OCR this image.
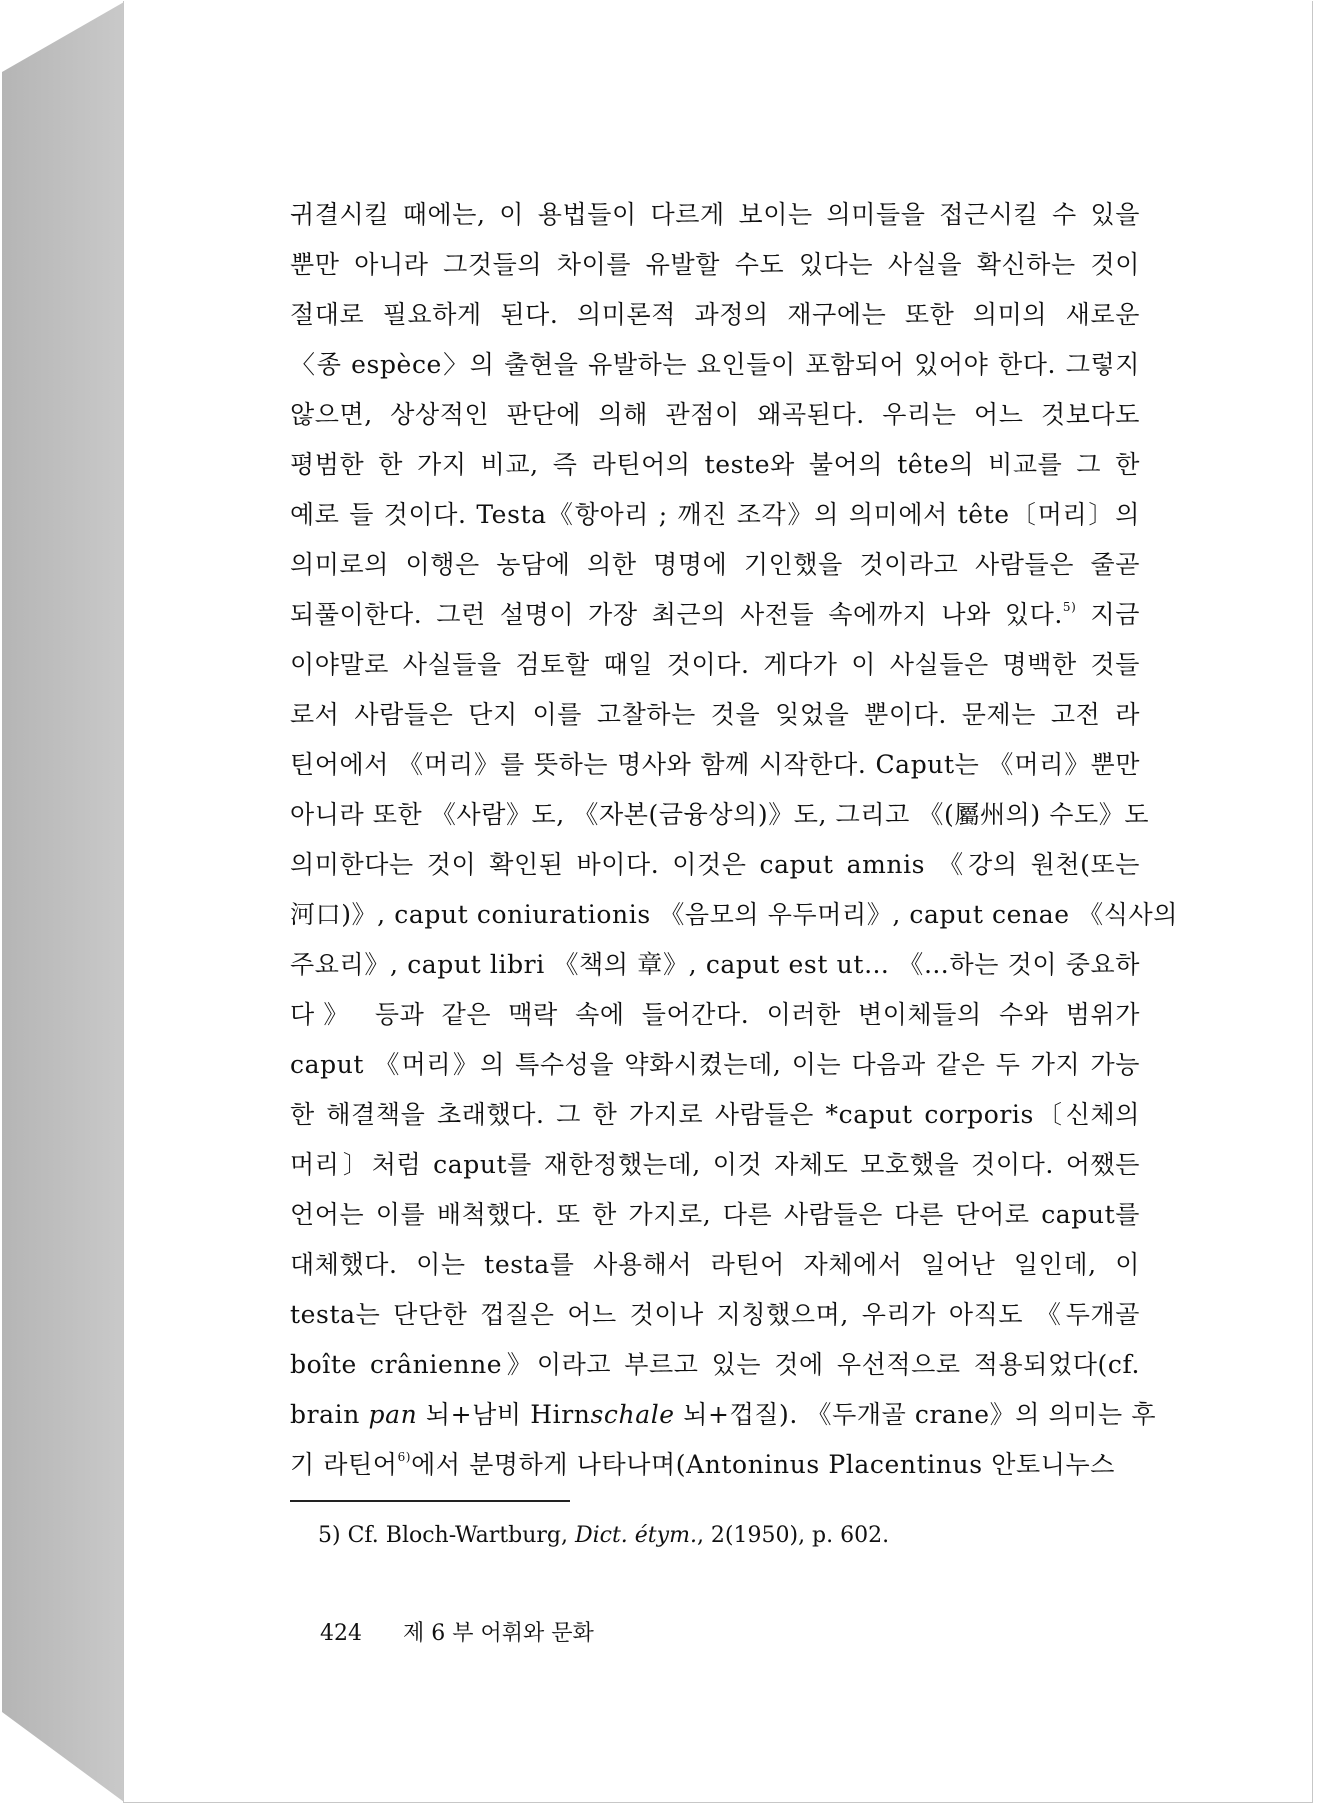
귀결시킬 때에는, 이 용법들이 다르게 보이는 의미들을 접근시킬 수 있을
뿐만 아니라 그것들의 차이를 유발할 수도 있다는 사실을 확신하는 것이
절대로 필요하게 된다. 의미론적 과정의 재구에는 또한 의미의 새로운
〈종 espèce〉의 출현을 유발하는 요인들이 포함되어 있어야 한다. 그렇지
않으면, 상상적인 판단에 의해 관점이 왜곡된다. 우리는 어느 것보다도
평범한 한 가지 비교, 즉 라틴어의 teste와 불어의 tête의 비교를 그 한
예로 들 것이다. Testa《항아리 ; 깨진 조각》의 의미에서 tête〔머리〕의
의미로의 이행은 농담에 의한 명명에 기인했을 것이라고 사람들은 줄곧
되풀이한다. 그런 설명이 가장 최근의 사전들 속에까지 나와 있다.$^{5)}$ 지금
이야말로 사실들을 검토할 때일 것이다. 게다가 이 사실들은 명백한 것들
로서 사람들은 단지 이를 고찰하는 것을 잊었을 뿐이다. 문제는 고전 라
틴어에서 《머리》를 뜻하는 명사와 함께 시작한다. Caput는 《머리》뿐만
아니라 또한 《사람》도, 《자본(금융상의)》도, 그리고 《(屬州의) 수도》도
의미한다는 것이 확인된 바이다. 이것은 caput amnis 《강의 원천(또는
河口)》, caput coniurationis 《음모의 우두머리》, caput cenae 《식사의
주요리》, caput libri 《책의 章》, caput est ut… 《…하는 것이 중요하
다》 등과 같은 맥락 속에 들어간다. 이러한 변이체들의 수와 범위가
caput 《머리》의 특수성을 약화시켰는데, 이는 다음과 같은 두 가지 가능
한 해결책을 초래했다. 그 한 가지로 사람들은 *caput corporis〔신체의
머리〕처럼 caput를 재한정했는데, 이것 자체도 모호했을 것이다. 어쨌든
언어는 이를 배척했다. 또 한 가지로, 다른 사람들은 다른 단어로 caput를
대체했다. 이는 testa를 사용해서 라틴어 자체에서 일어난 일인데, 이
testa는 단단한 껍질은 어느 것이나 지칭했으며, 우리가 아직도 《두개골
boîte crânienne》이라고 부르고 있는 것에 우선적으로 적용되었다(cf.
brain pan 뇌+남비 Hirnschale 뇌+껍질). 《두개골 crane》의 의미는 후
기 라틴어$^{6)}$에서 분명하게 나타나며(Antoninus Placentinus 안토니누스
5) Cf. Bloch-Wartburg, Dict. étym., 2(1950), p. 602.
424 제 6 부 어휘와 문화
